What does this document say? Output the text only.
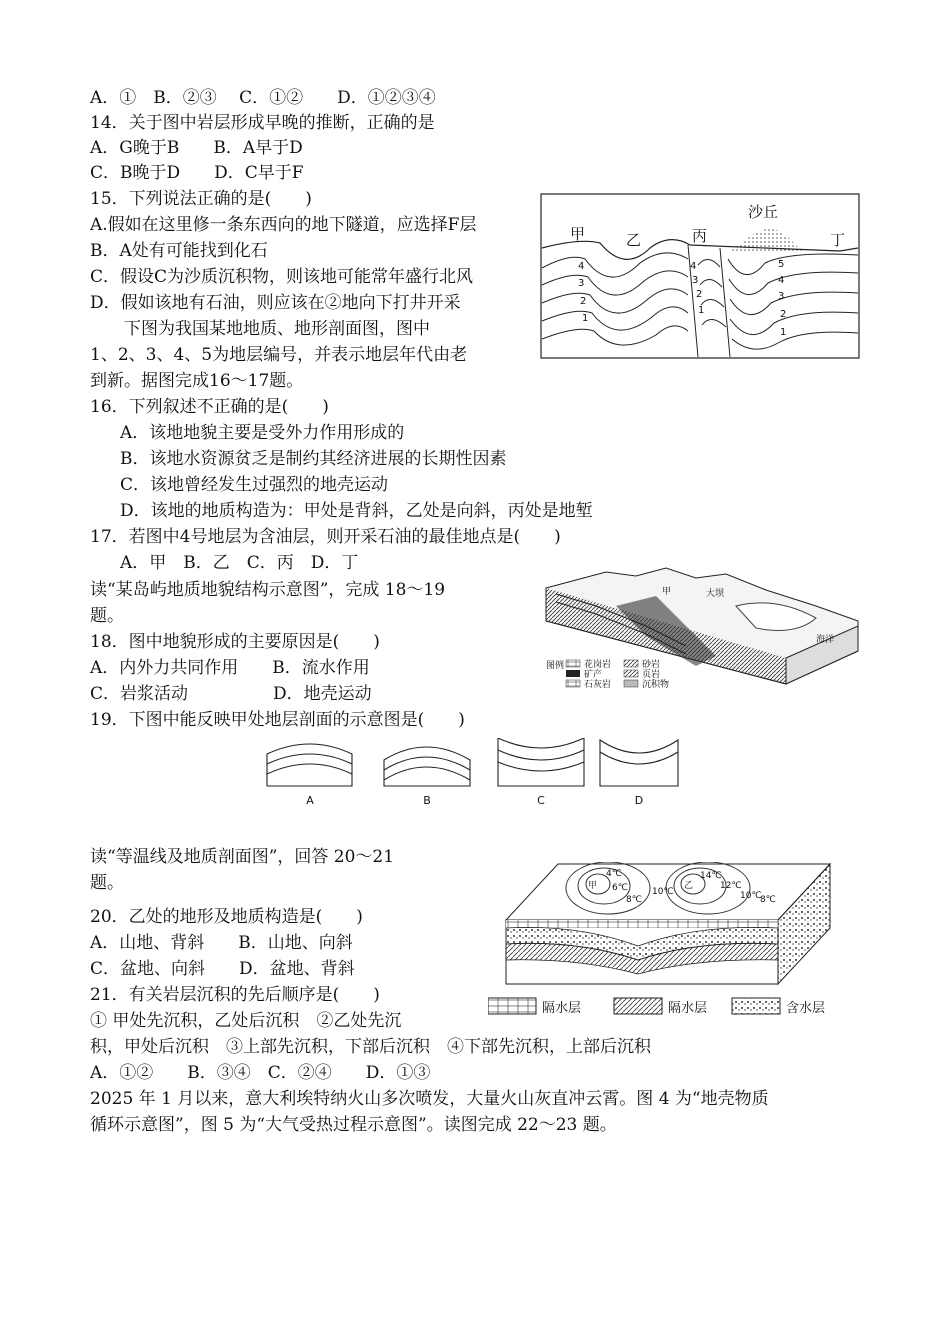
A．①　B．②③　 C．①②　　D．①②③④
14．关于图中岩层形成早晚的推断，正确的是
A．G晚于B　　B．A早于D
C．B晚于D　　D．C早于F
15．下列说法正确的是(　　)
A.假如在这里修一条东西向的地下隧道，应选择F层
B．A处有可能找到化石
C．假设C为沙质沉积物，则该地可能常年盛行北风
D．假如该地有石油，则应该在②地向下打井开采
　　下图为我国某地地质、地形剖面图，图中
1、2、3、4、5为地层编号，并表示地层年代由老
到新。据图完成16～17题。
16．下列叙述不正确的是(　　)
A．该地地貌主要是受外力作用形成的
B．该地水资源贫乏是制约其经济进展的长期性因素
C．该地曾经发生过强烈的地壳运动
D．该地的地质构造为：甲处是背斜，乙处是向斜，丙处是地堑
17．若图中4号地层为含油层，则开采石油的最佳地点是(　　)
A．甲　B．乙　C．丙　D．丁
读“某岛屿地质地貌结构示意图”，完成 18～19
题。
18．图中地貌形成的主要原因是(　　)
A．内外力共同作用　　B．流水作用
C．岩浆活动　　　　　D．地壳运动
19．下图中能反映甲处地层剖面的示意图是(　　)
读“等温线及地质剖面图”，回答 20～21
题。
20．乙处的地形及地质构造是(　　)
A．山地、背斜　　B．山地、向斜
C．盆地、向斜　　D．盆地、背斜
21．有关岩层沉积的先后顺序是(　　)
① 甲处先沉积，乙处后沉积　②乙处先沉
积，甲处后沉积　③上部先沉积，下部后沉积　④下部先沉积，上部后沉积
A．①②　　B．③④　C．②④　　D．①③
2025 年 1 月以来，意大利埃特纳火山多次喷发，大量火山灰直冲云霄。图 4 为“地壳物质
循环示意图”，图 5 为“大气受热过程示意图”。读图完成 22～23 题。
甲	乙	丙
沙丘
丁
4
3
2
1
4
3
2
1
5
4
3
2
1
甲	大坝
海洋
图例 花岗岩
矿产
石灰岩
砂岩
页岩
沉积物
A	B	C	D
甲
4℃
6℃
8℃
10℃
乙
14℃
12℃
10℃
8℃
隔水层	隔水层	含水层
